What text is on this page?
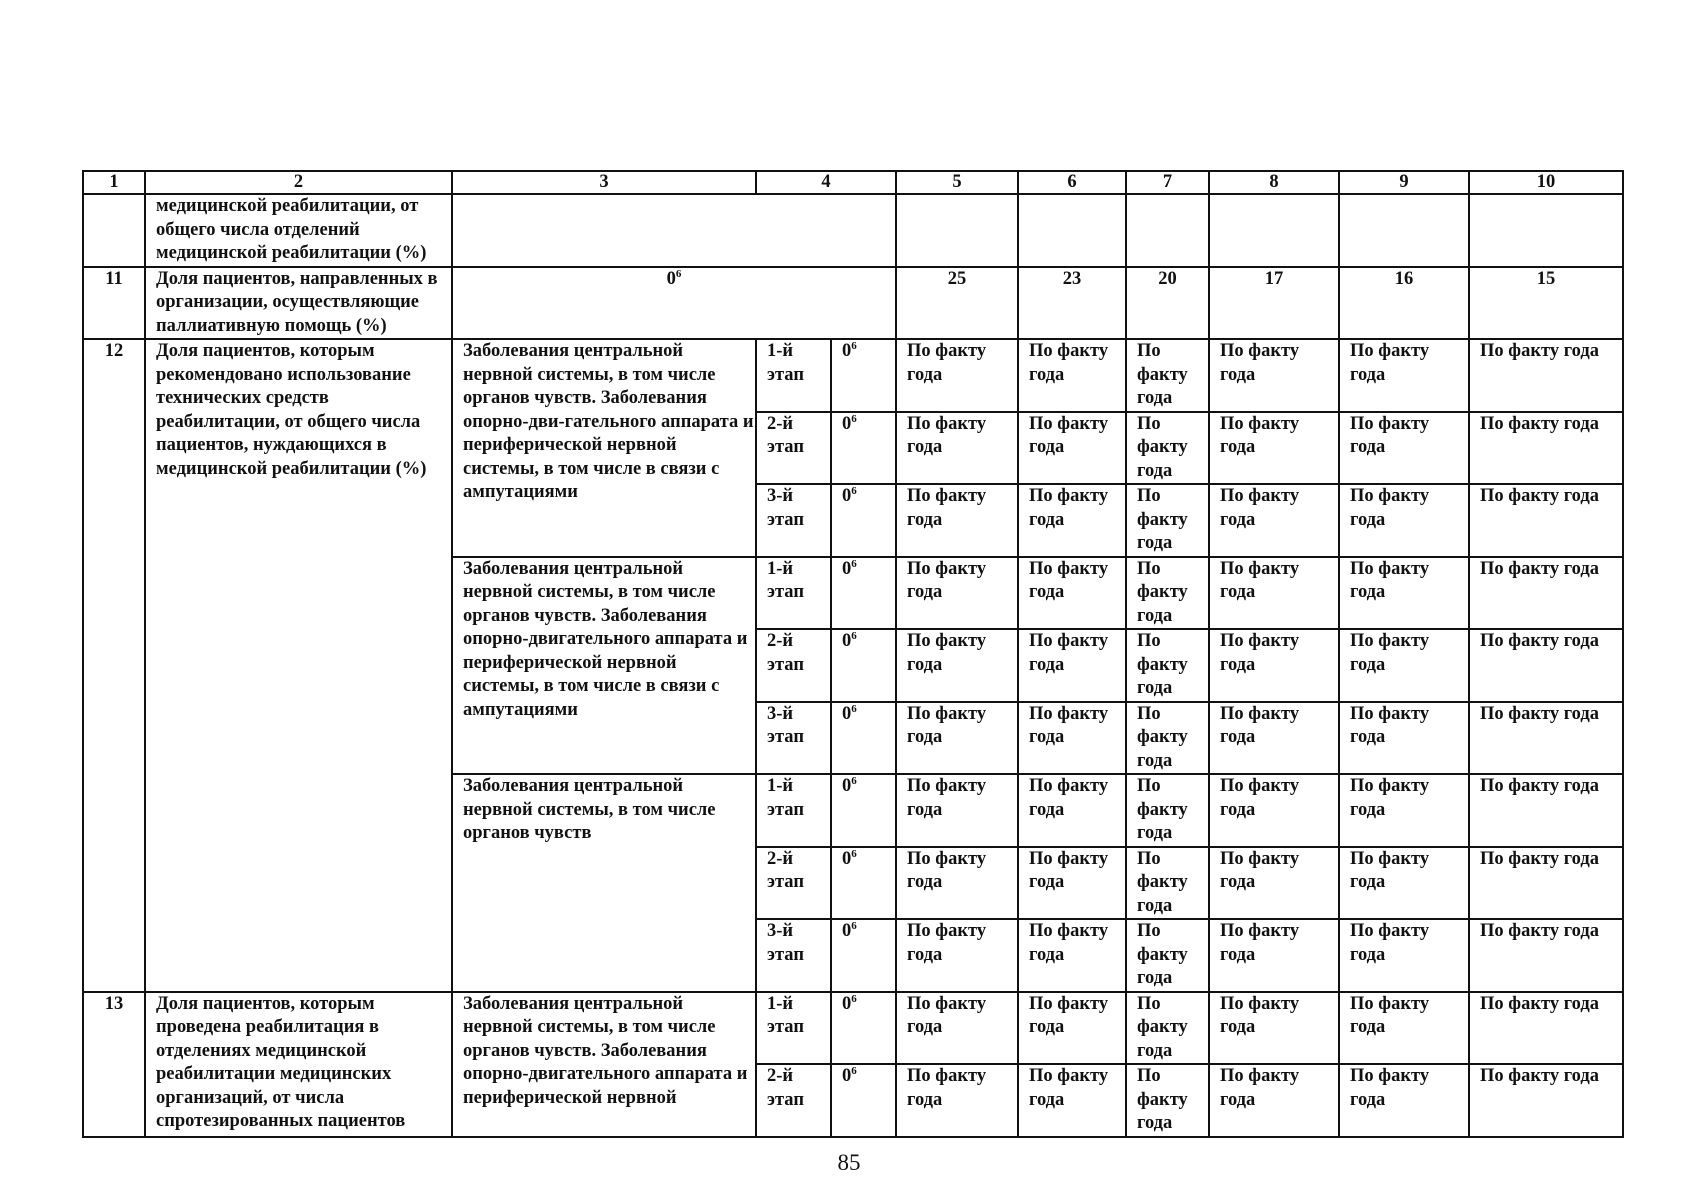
1	2	3	4		5	6	7	8	9	10
	медицинской реабилитации, от общего числа отделений медицинской реабилитации (%)									
11	Доля пациентов, направленных в организации, осуществляющие паллиативную помощь (%)	$0^6$			25	23	20	17	16	15
12	Доля пациентов, которым рекомендовано использование технических средств реабилитации, от общего числа пациентов, нуждающихся в медицинской реабилитации (%)	Заболевания центральной нервной системы, в том числе органов чувств. Заболевания опорно-дви-гательного аппарата и периферической нервной системы, в том числе в связи с ампутациями	1-й этап	$0^6$	По факту года	По факту года	По факту года	По факту года	По факту года	По факту года
			2-й этап	$0^6$	По факту года	По факту года	По факту года	По факту года	По факту года	По факту года
			3-й этап	$0^6$	По факту года	По факту года	По факту года	По факту года	По факту года	По факту года
		Заболевания центральной нервной системы, в том числе органов чувств. Заболевания опорно-двигательного аппарата и периферической нервной системы, в том числе в связи с ампутациями	1-й этап	$0^6$	По факту года	По факту года	По факту года	По факту года	По факту года	По факту года
			2-й этап	$0^6$	По факту года	По факту года	По факту года	По факту года	По факту года	По факту года
			3-й этап	$0^6$	По факту года	По факту года	По факту года	По факту года	По факту года	По факту года
		Заболевания центральной нервной системы, в том числе органов чувств	1-й этап	$0^6$	По факту года	По факту года	По факту года	По факту года	По факту года	По факту года
			2-й этап	$0^6$	По факту года	По факту года	По факту года	По факту года	По факту года	По факту года
			3-й этап	$0^6$	По факту года	По факту года	По факту года	По факту года	По факту года	По факту года
13	Доля пациентов, которым проведена реабилитация в отделениях медицинской реабилитации медицинских организаций, от числа спротезированных пациентов	Заболевания центральной нервной системы, в том числе органов чувств. Заболевания опорно-двигательного аппарата и периферической нервной	1-й этап	$0^6$	По факту года	По факту года	По факту года	По факту года	По факту года	По факту года
			2-й этап	$0^6$	По факту года	По факту года	По факту года	По факту года	По факту года	По факту года
85
